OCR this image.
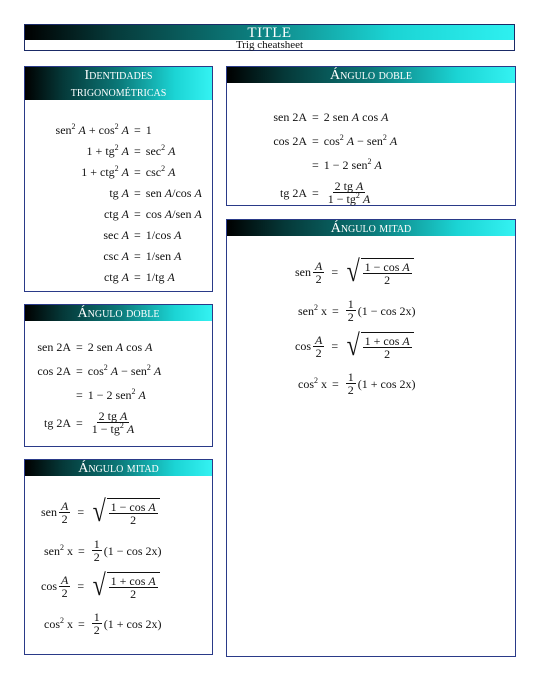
TITLE
Trig cheatsheet
Identidades
trigonométricas
sen$^2$ $A + \cos^2 A = 1$
$1 + tg^2$ $A = \sec^2 A$
1 + ctg$^2$ $A = \csc^2 A$
tg A = sen A/cos A
ctg A = cos A/sen A
sec A = 1/cos A
csc A = 1/sen A
ctg A = 1/tg A
Ángulo doble
sen 2A = 2 sen A cos A
$\cos 2A = \cos^2 A - sen^2$ A
= 1 − 2 sen$^2$ A
tg $2A = \frac{\text{2 tg A}}{1 - tg^2 A}$
Ángulo mitad
sen $\frac{A}{2}$ = √ $\frac{\text{1 − cos A}}{2}$
sen$^2$ $x = \frac{1}{2} (1 - \cos 2x)$
$\cos \frac{A}{2}$ = √ $\frac{\text{1 + cos A}}{2}$
$\cos^2 x = \frac{1}{2} (1 + \cos 2x)$
Ángulo doble
sen 2A = 2 sen A cos A
$\cos 2A = \cos^2 A - sen^2$ A
= 1 − 2 sen$^2$ A
tg $2A = \frac{\text{2 tg A}}{1 - tg^2 A}$
Ángulo mitad
sen $\frac{A}{2}$ = √ $\frac{\text{1 − cos A}}{2}$
sen$^2$ $x = \frac{1}{2} (1 - \cos 2x)$
$\cos \frac{A}{2}$ = √ $\frac{\text{1 + cos A}}{2}$
$\cos^2 x = \frac{1}{2} (1 + \cos 2x)$
